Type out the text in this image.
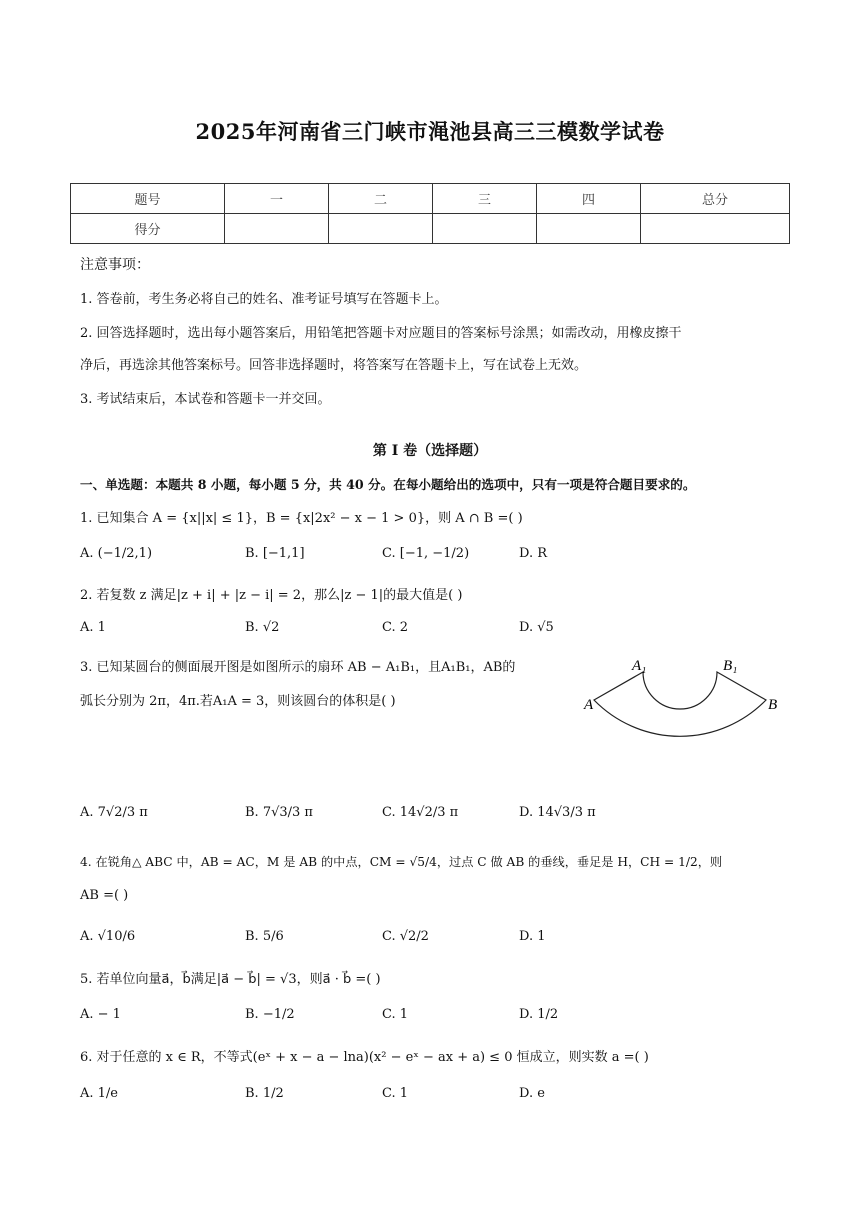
2025年河南省三门峡市渑池县高三三模数学试卷
题号	一	二	三	四	总分
得分					
注意事项：
1. 答卷前，考生务必将自己的姓名、准考证号填写在答题卡上。
2. 回答选择题时，选出每小题答案后，用铅笔把答题卡对应题目的答案标号涂黑；如需改动，用橡皮擦干
净后，再选涂其他答案标号。回答非选择题时，将答案写在答题卡上，写在试卷上无效。
3. 考试结束后，本试卷和答题卡一并交回。
第 I 卷（选择题）
一、单选题：本题共 8 小题，每小题 5 分，共 40 分。在每小题给出的选项中，只有一项是符合题目要求的。
1. 已知集合 A = {x||x| ≤ 1}，B = {x|2x² − x − 1 > 0}，则 A ∩ B =( )
A. (−1/2,1)	B. [−1,1]	C. [−1, −1/2)	D. R
2. 若复数 z 满足|z + i| + |z − i| = 2，那么|z − 1|的最大值是( )
A. 1	B. √2	C. 2	D. √5
3. 已知某圆台的侧面展开图是如图所示的扇环 AB − A₁B₁，且A₁B₁，AB的
弧长分别为 2π，4π.若A₁A = 3，则该圆台的体积是( )
A₁	B₁
A	B
A. 7√2/3 π	B. 7√3/3 π	C. 14√2/3 π	D. 14√3/3 π
4. 在锐角△ ABC 中，AB = AC，M 是 AB 的中点，CM = √5/4，过点 C 做 AB 的垂线，垂足是 H，CH = 1/2，则
AB =( )
A. √10/6	B. 5/6	C. √2/2	D. 1
5. 若单位向量a⃗，b⃗满足|a⃗ − b⃗| = √3，则a⃗ · b⃗ =( )
A. − 1	B. −1/2	C. 1	D. 1/2
6. 对于任意的 x ∈ R，不等式(eˣ + x − a − lna)(x² − eˣ − ax + a) ≤ 0 恒成立，则实数 a =( )
A. 1/e	B. 1/2	C. 1	D. e
